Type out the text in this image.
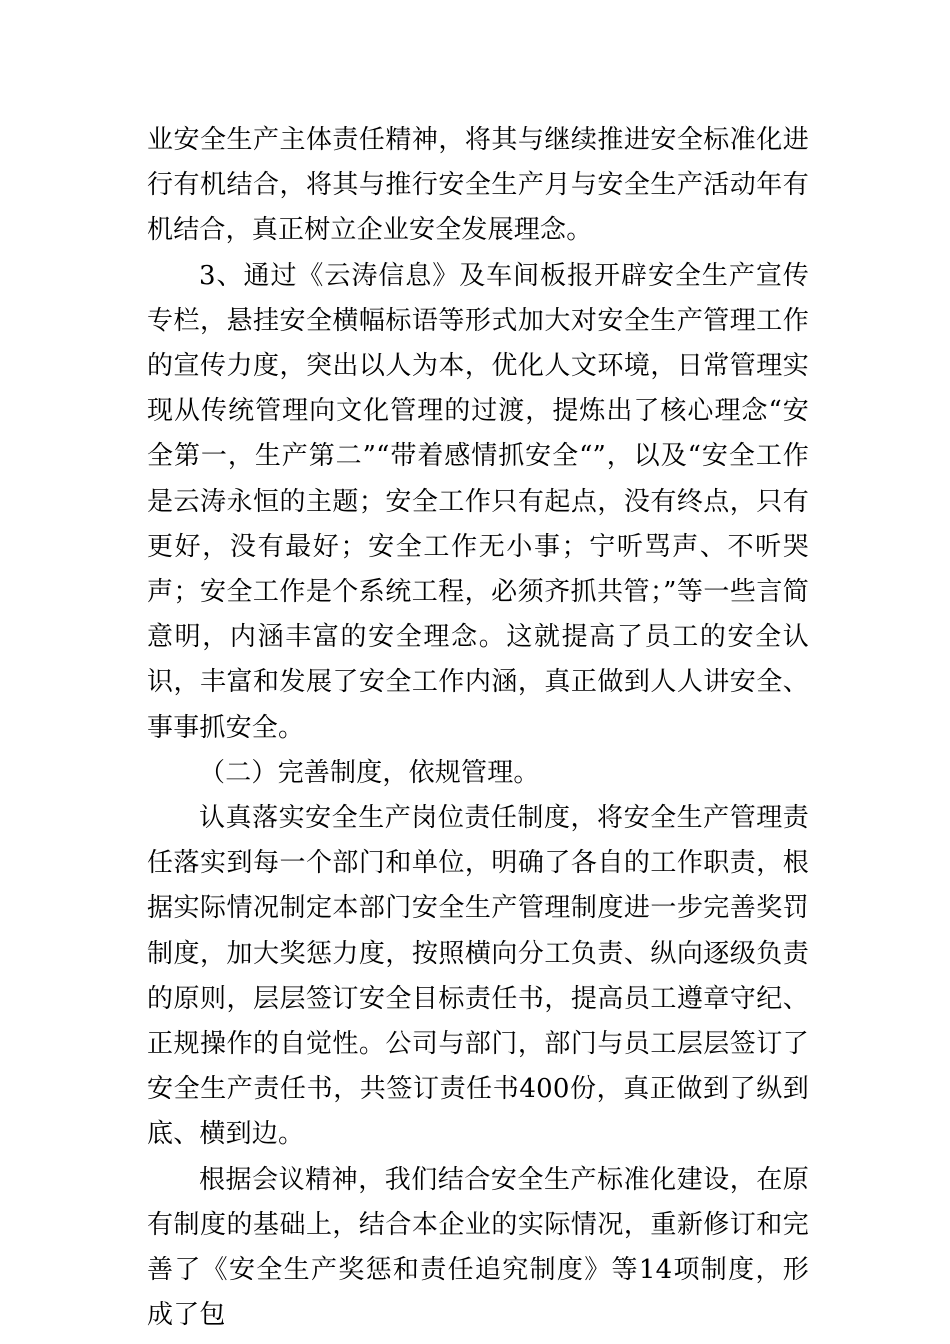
业安全生产主体责任精神，将其与继续推进安全标准化进行有机结合，将其与推行安全生产月与安全生产活动年有机结合，真正树立企业安全发展理念。

3、通过《云涛信息》及车间板报开辟安全生产宣传专栏，悬挂安全横幅标语等形式加大对安全生产管理工作的宣传力度，突出以人为本，优化人文环境，日常管理实现从传统管理向文化管理的过渡，提炼出了核心理念“安全第一，生产第二”“带着感情抓安全“”，以及“安全工作是云涛永恒的主题；安全工作只有起点，没有终点，只有更好，没有最好；安全工作无小事；宁听骂声、不听哭声；安全工作是个系统工程，必须齐抓共管；”等一些言简意明，内涵丰富的安全理念。这就提高了员工的安全认识，丰富和发展了安全工作内涵，真正做到人人讲安全、事事抓安全。

（二）完善制度，依规管理。

认真落实安全生产岗位责任制度，将安全生产管理责任落实到每一个部门和单位，明确了各自的工作职责，根据实际情况制定本部门安全生产管理制度进一步完善奖罚制度，加大奖惩力度，按照横向分工负责、纵向逐级负责的原则，层层签订安全目标责任书，提高员工遵章守纪、正规操作的自觉性。公司与部门，部门与员工层层签订了安全生产责任书，共签订责任书400份，真正做到了纵到底、横到边。

根据会议精神，我们结合安全生产标准化建设，在原有制度的基础上，结合本企业的实际情况，重新修订和完善了《安全生产奖惩和责任追究制度》等14项制度，形成了包
